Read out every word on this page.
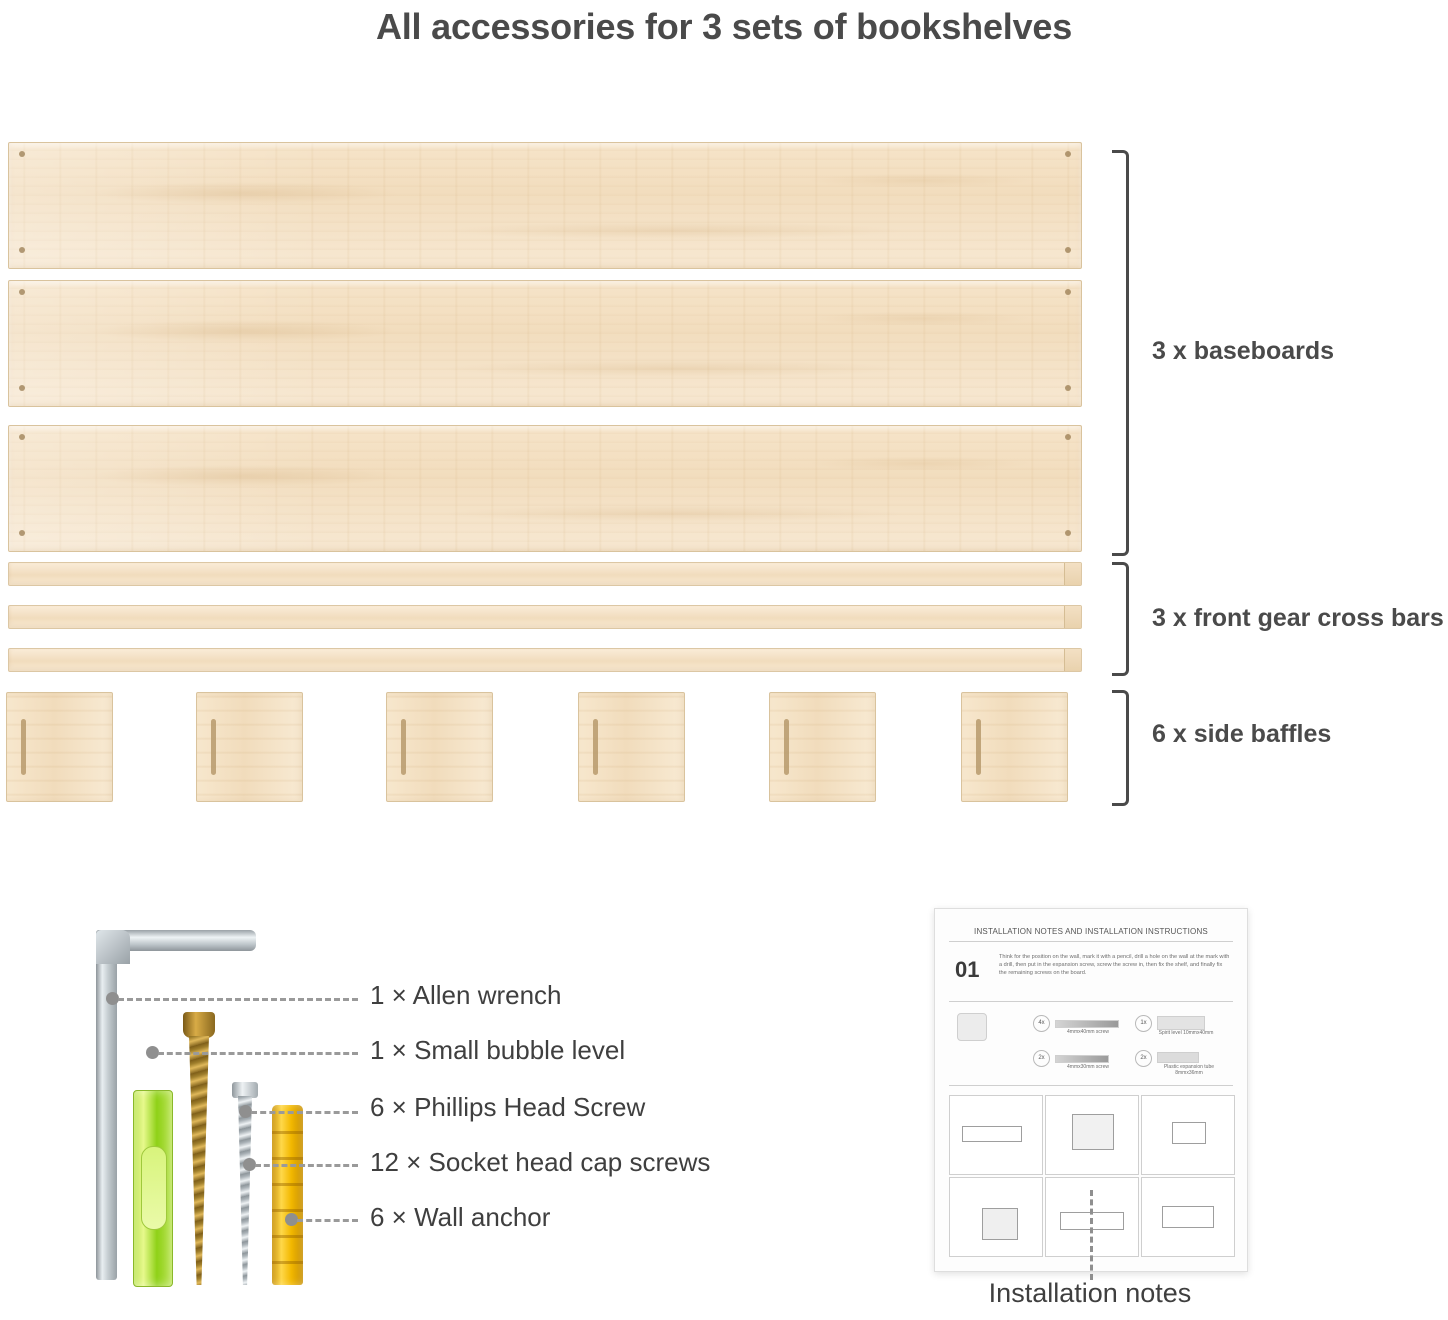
All accessories for 3 sets of bookshelves
3 x baseboards
3 x front gear cross bars
6 x side baffles
1 × Allen wrench
1 × Small bubble level
6 × Phillips Head Screw
12 × Socket head cap screws
6 × Wall anchor
INSTALLATION NOTES AND INSTALLATION INSTRUCTIONS
01	Think for the position on the wall, mark it with a pencil, drill a hole on the wall at the mark with a drill, then put in the expansion screw, screw the screw in, then fix the shelf, and finally fix the remaining screws on the board.
4x
4mmx40mm screw
1x
Spirit level 10mmx40mm
2x
4mmx30mm screw
2x
Plastic expansion tube 8mmx36mm
Installation notes
